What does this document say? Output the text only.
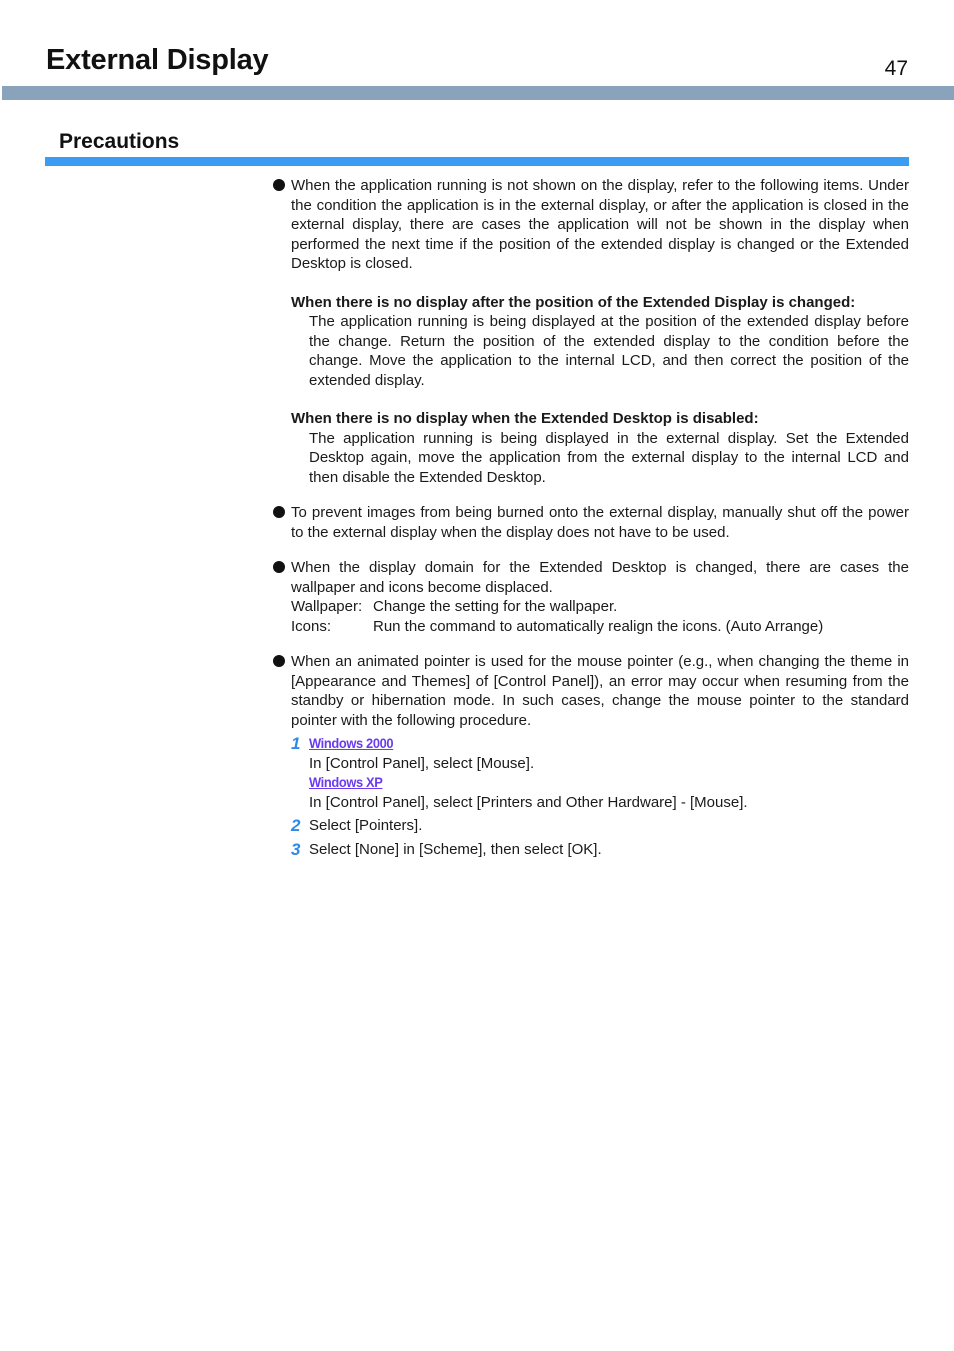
External Display	47
Precautions

When the application running is not shown on the display, refer to the following items. Under the condition the application is in the external display, or after the application is closed in the external display, there are cases the application will not be shown in the display when performed the next time if the position of the extended display is changed or the Extended Desktop is closed.

When there is no display after the position of the Extended Display is changed:

The application running is being displayed at the position of the extended display before the change. Return the position of the extended display to the condition before the change. Move the application to the internal LCD, and then correct the position of the extended display.

When there is no display when the Extended Desktop is disabled:

The application running is being displayed in the external display. Set the Extended Desktop again, move the application from the external display to the internal LCD and then disable the Extended Desktop.

To prevent images from being burned onto the external display, manually shut off the power to the external display when the display does not have to be used.

When the display domain for the Extended Desktop is changed, there are cases the wallpaper and icons become displaced.

Wallpaper: Change the setting for the wallpaper.
Icons:	Run the command to automatically realign the icons. (Auto Arrange)

When an animated pointer is used for the mouse pointer (e.g., when changing the theme in [Appearance and Themes] of [Control Panel]), an error may occur when resuming from the standby or hibernation mode. In such cases, change the mouse pointer to the standard pointer with the following procedure.

1 Windows 2000

In [Control Panel], select [Mouse].

Windows XP

In [Control Panel], select [Printers and Other Hardware] - [Mouse].

2 Select [Pointers].

3 Select [None] in [Scheme], then select [OK].
